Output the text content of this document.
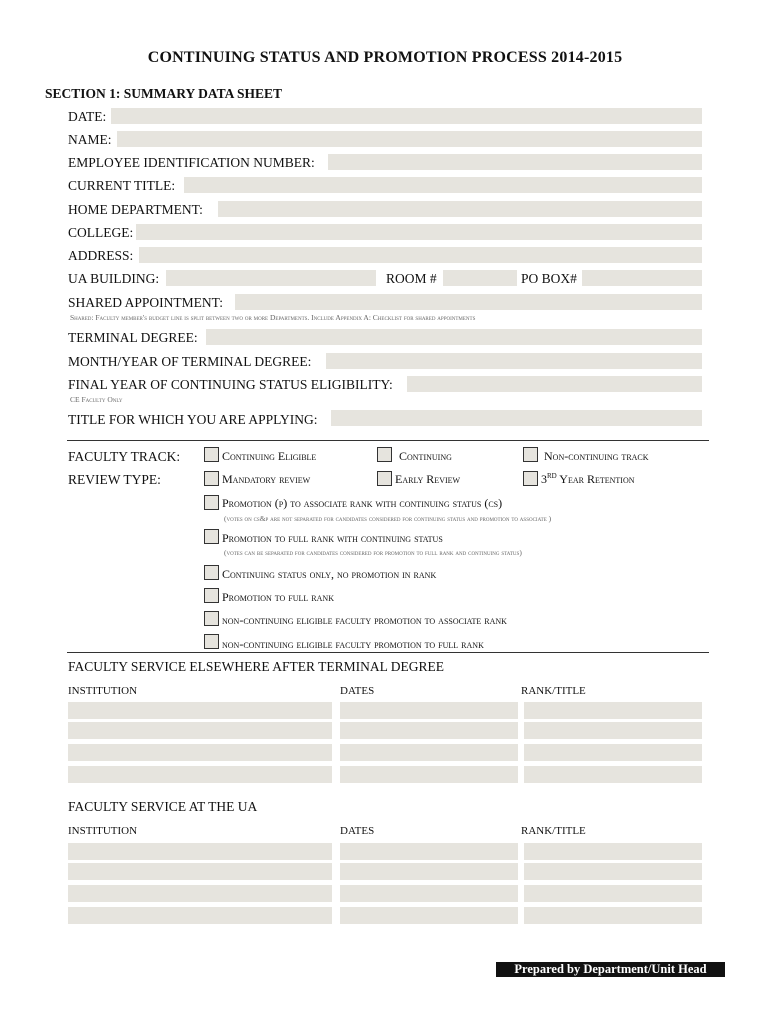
CONTINUING STATUS AND PROMOTION PROCESS 2014-2015
SECTION 1: SUMMARY DATA SHEET
DATE:
NAME:
EMPLOYEE IDENTIFICATION NUMBER:
CURRENT TITLE:
HOME DEPARTMENT:
COLLEGE:
ADDRESS:
UA BUILDING:	ROOM #	PO BOX#
SHARED APPOINTMENT:
Shared: Faculty member's budget line is split between two or more Departments. Include Appendix A: Checklist for shared appointments
TERMINAL DEGREE:
MONTH/YEAR OF TERMINAL DEGREE:
FINAL YEAR OF CONTINUING STATUS ELIGIBILITY:
CE Faculty Only
TITLE FOR WHICH YOU ARE APPLYING:
FACULTY TRACK:	Continuing Eligible	Continuing	Non-continuing track
REVIEW TYPE:	Mandatory review	Early Review	3RD Year Retention
Promotion (p) to associate rank with continuing status (cs)
(votes on cs&p are not separated for candidates considered for continuing status and promotion to associate )
Promotion to full rank with continuing status
(votes can be separated for candidates considered for promotion to full rank and continuing status)
Continuing status only, no promotion in rank
Promotion to full rank
non-continuing eligible faculty promotion to associate rank
non-continuing eligible faculty promotion to full rank
FACULTY SERVICE ELSEWHERE AFTER TERMINAL DEGREE
INSTITUTION	DATES	RANK/TITLE
FACULTY SERVICE AT THE UA
INSTITUTION	DATES	RANK/TITLE
Prepared by Department/Unit Head
